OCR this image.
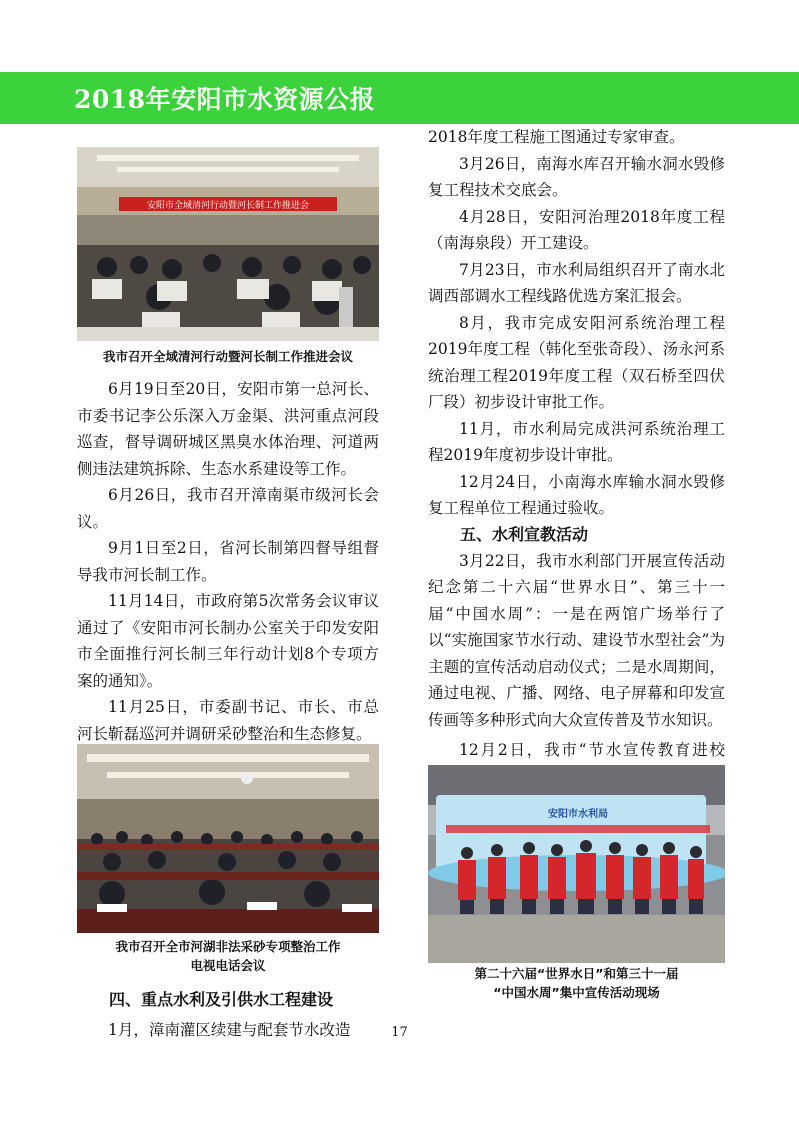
2018年安阳市水资源公报
安阳市全域清河行动暨河长制工作推进会
我市召开全域清河行动暨河长制工作推进会议

6月19日至20日，安阳市第一总河长、市委书记李公乐深入万金渠、洪河重点河段巡查，督导调研城区黑臭水体治理、河道两侧违法建筑拆除、生态水系建设等工作。

6月26日，我市召开漳南渠市级河长会议。

9月1日至2日，省河长制第四督导组督导我市河长制工作。

11月14日，市政府第5次常务会议审议通过了《安阳市河长制办公室关于印发安阳市全面推行河长制三年行动计划8个专项方案的通知》。

11月25日，市委副书记、市长、市总河长靳磊巡河并调研采砂整治和生态修复。

我市召开全市河湖非法采砂专项整治工作
电视电话会议
四、重点水利及引供水工程建设

1月，漳南灌区续建与配套节水改造

2018年度工程施工图通过专家审查。

3月26日，南海水库召开输水洞水毁修复工程技术交底会。

4月28日，安阳河治理2018年度工程（南海泉段）开工建设。

7月23日，市水利局组织召开了南水北调西部调水工程线路优选方案汇报会。

8月，我市完成安阳河系统治理工程2019年度工程（韩化至张奇段）、汤永河系统治理工程2019年度工程（双石桥至四伏厂段）初步设计审批工作。

11月，市水利局完成洪河系统治理工程2019年度初步设计审批。

12月24日，小南海水库输水洞水毁修复工程单位工程通过验收。

五、水利宣教活动

3月22日，我市水利部门开展宣传活动纪念第二十六届“世界水日”、第三十一届“中国水周”：一是在两馆广场举行了以“实施国家节水行动、建设节水型社会”为主题的宣传活动启动仪式；二是水周期间，通过电视、广播、网络、电子屏幕和印发宣传画等多种形式向大众宣传普及节水知识。

12月2日，我市“节水宣传教育进校

安阳市水利局
第二十六届“世界水日”和第三十一届
“中国水周”集中宣传活动现场
17
